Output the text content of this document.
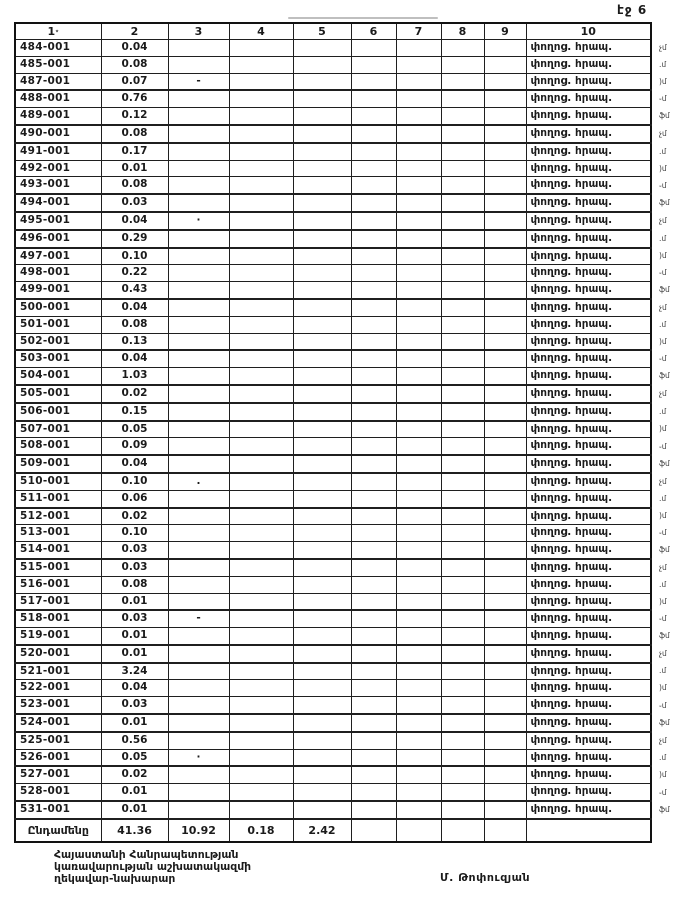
էջ 6
٭1	2	3	4	5	6	7	8	9	10	
484-001	0.04								փողոց. հրապ.	չմ
485-001	0.08								փողոց. հրապ.	.մ
487-001	0.07	-							փողոց. հրապ.	)մ
488-001	0.76								փողոց. հրապ.	֊մ
489-001	0.12								փողոց. հրապ.	ֆմ
490-001	0.08								փողոց. հրապ.	չմ
491-001	0.17								փողոց. հրապ.	.մ
492-001	0.01								փողոց. հրապ.	)մ
493-001	0.08								փողոց. հրապ.	֊մ
494-001	0.03								փողոց. հրապ.	ֆմ
495-001	0.04	·							փողոց. հրապ.	չմ
496-001	0.29								փողոց. հրապ.	.մ
497-001	0.10								փողոց. հրապ.	)մ
498-001	0.22								փողոց. հրապ.	֊մ
499-001	0.43								փողոց. հրապ.	ֆմ
500-001	0.04								փողոց. հրապ.	չմ
501-001	0.08								փողոց. հրապ.	.մ
502-001	0.13								փողոց. հրապ.	)մ
503-001	0.04								փողոց. հրապ.	֊մ
504-001	1.03								փողոց. հրապ.	ֆմ
505-001	0.02								փողոց. հրապ.	չմ
506-001	0.15								փողոց. հրապ.	.մ
507-001	0.05								փողոց. հրապ.	)մ
508-001	0.09								փողոց. հրապ.	֊մ
509-001	0.04								փողոց. հրապ.	ֆմ
510-001	0.10	.							փողոց. հրապ.	չմ
511-001	0.06								փողոց. հրապ.	.մ
512-001	0.02								փողոց. հրապ.	)մ
513-001	0.10								փողոց. հրապ.	֊մ
514-001	0.03								փողոց. հրապ.	ֆմ
515-001	0.03								փողոց. հրապ.	չմ
516-001	0.08								փողոց. հրապ.	.մ
517-001	0.01								փողոց. հրապ.	)մ
518-001	0.03	-							փողոց. հրապ.	֊մ
519-001	0.01								փողոց. հրապ.	ֆմ
520-001	0.01								փողոց. հրապ.	չմ
521-001	3.24								փողոց. հրապ.	.մ
522-001	0.04								փողոց. հրապ.	)մ
523-001	0.03								փողոց. հրապ.	֊մ
524-001	0.01								փողոց. հրապ.	ֆմ
525-001	0.56								փողոց. հրապ.	չմ
526-001	0.05	·							փողոց. հրապ.	.մ
527-001	0.02								փողոց. հրապ.	)մ
528-001	0.01								փողոց. հրապ.	֊մ
531-001	0.01								փողոց. հրապ.	ֆմ
Ընդամենը	41.36	10.92	0.18	2.42						
Հայաստանի Հանրապետության
կառավարության աշխատակազմի
ղեկավար-նախարար	Մ. Թոփուզյան
